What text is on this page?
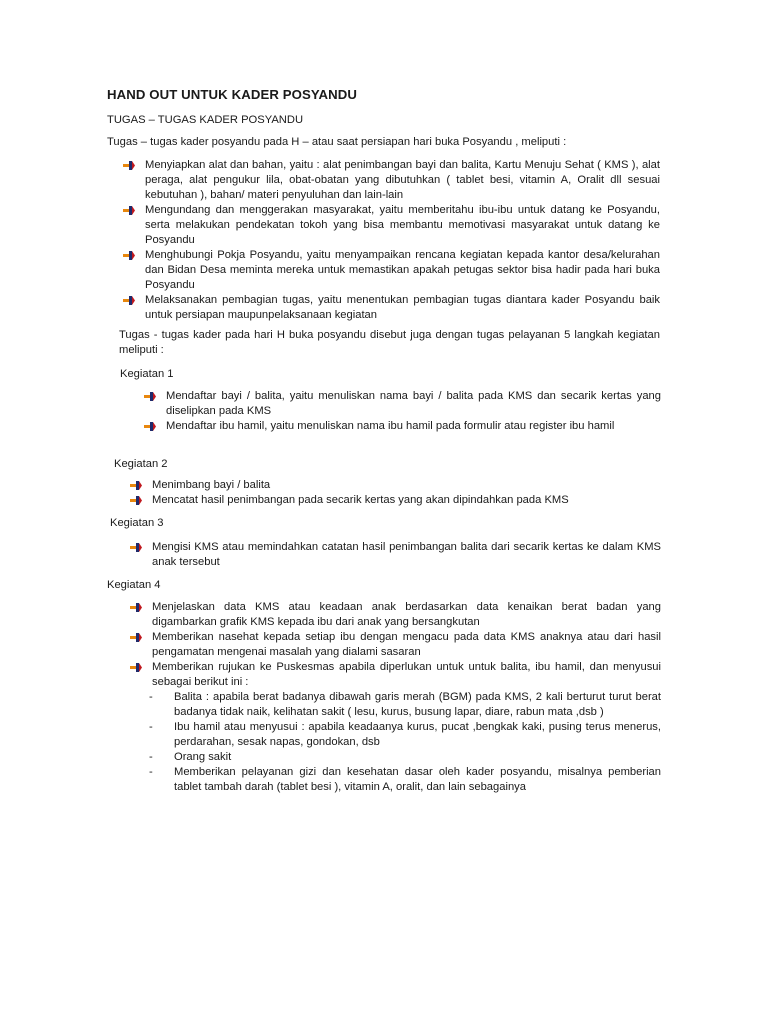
HAND OUT UNTUK KADER POSYANDU
TUGAS – TUGAS KADER POSYANDU
Tugas – tugas kader posyandu pada H – atau saat persiapan hari buka Posyandu , meliputi :
Menyiapkan alat dan bahan, yaitu : alat penimbangan bayi dan balita, Kartu Menuju Sehat ( KMS ), alat peraga, alat pengukur lila, obat-obatan yang dibutuhkan ( tablet besi, vitamin A, Oralit dll sesuai kebutuhan ), bahan/ materi penyuluhan dan lain-lain
Mengundang dan menggerakan masyarakat, yaitu memberitahu ibu-ibu untuk datang ke Posyandu, serta melakukan pendekatan tokoh yang bisa membantu memotivasi masyarakat untuk datang ke Posyandu
Menghubungi Pokja Posyandu, yaitu menyampaikan rencana kegiatan kepada kantor desa/kelurahan dan Bidan Desa meminta mereka untuk memastikan apakah petugas sektor bisa hadir pada hari buka Posyandu
Melaksanakan pembagian tugas, yaitu menentukan pembagian tugas diantara kader Posyandu baik untuk persiapan maupunpelaksanaan kegiatan
Tugas - tugas kader pada hari H buka posyandu disebut juga dengan tugas pelayanan 5 langkah kegiatan meliputi :
Kegiatan 1
Mendaftar bayi / balita, yaitu menuliskan nama bayi / balita pada KMS dan secarik kertas yang diselipkan pada KMS
Mendaftar ibu hamil, yaitu menuliskan nama ibu hamil pada formulir atau register ibu hamil
Kegiatan 2
Menimbang bayi / balita
Mencatat hasil penimbangan pada secarik kertas yang akan dipindahkan pada KMS
Kegiatan 3
Mengisi KMS atau memindahkan catatan hasil penimbangan balita dari secarik kertas ke dalam KMS anak tersebut
Kegiatan 4
Menjelaskan data KMS atau keadaan anak berdasarkan data kenaikan berat badan yang digambarkan grafik KMS kepada ibu dari anak yang bersangkutan
Memberikan nasehat kepada setiap ibu dengan mengacu pada data KMS anaknya atau dari hasil pengamatan mengenai masalah yang dialami sasaran
Memberikan rujukan ke Puskesmas apabila diperlukan untuk untuk balita, ibu hamil, dan menyusui sebagai berikut ini :
- Balita : apabila berat badanya dibawah garis merah (BGM) pada KMS, 2 kali berturut turut berat badanya tidak naik, kelihatan sakit ( lesu, kurus, busung lapar, diare, rabun mata ,dsb )
- Ibu hamil atau menyusui : apabila keadaanya kurus, pucat ,bengkak kaki, pusing terus menerus, perdarahan, sesak napas, gondokan, dsb
- Orang sakit
- Memberikan pelayanan gizi dan kesehatan dasar oleh kader posyandu, misalnya pemberian tablet tambah darah (tablet besi ), vitamin A, oralit, dan lain sebagainya
